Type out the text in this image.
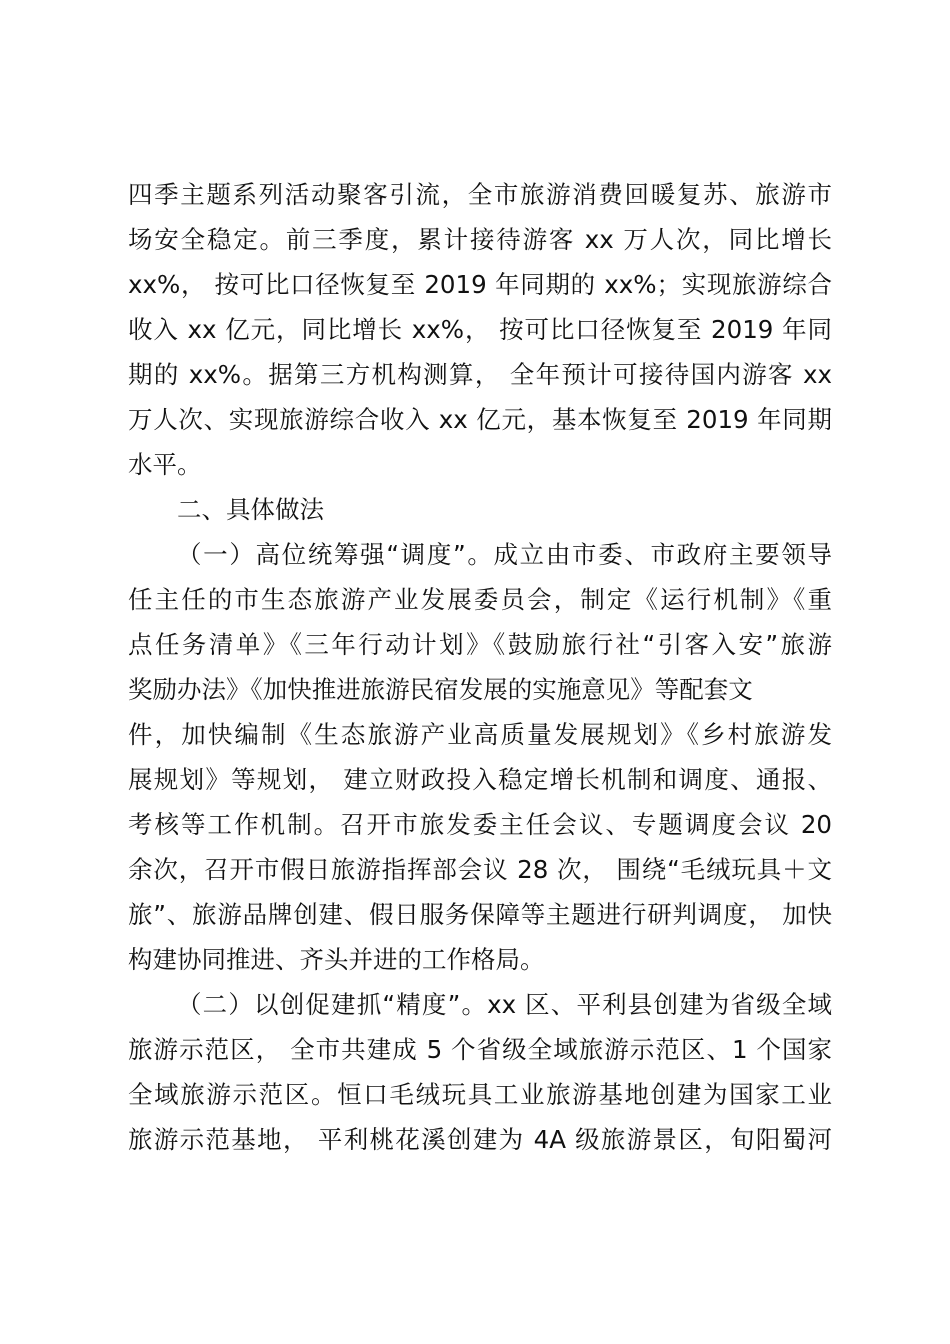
四季主题系列活动聚客引流，全市旅游消费回暖复苏、旅游市
场安全稳定。前三季度，累计接待游客 xx 万人次，同比增长
xx%， 按可比口径恢复至 2019 年同期的 xx%；实现旅游综合
收入 xx 亿元，同比增长 xx%， 按可比口径恢复至 2019 年同
期的 xx%。据第三方机构测算， 全年预计可接待国内游客 xx
万人次、实现旅游综合收入 xx 亿元，基本恢复至 2019 年同期
水平。
二、具体做法
（一）高位统筹强“调度”。成立由市委、市政府主要领导
任主任的市生态旅游产业发展委员会，制定《运行机制》《重
点任务清单》《三年行动计划》《鼓励旅行社“引客入安”旅游
奖励办法》《加快推进旅游民宿发展的实施意见》等配套文
件，加快编制《生态旅游产业高质量发展规划》《乡村旅游发
展规划》等规划， 建立财政投入稳定增长机制和调度、通报、
考核等工作机制。召开市旅发委主任会议、专题调度会议 20
余次，召开市假日旅游指挥部会议 28 次， 围绕“毛绒玩具＋文
旅”、旅游品牌创建、假日服务保障等主题进行研判调度， 加快
构建协同推进、齐头并进的工作格局。
（二）以创促建抓“精度”。xx 区、平利县创建为省级全域
旅游示范区， 全市共建成 5 个省级全域旅游示范区、1 个国家
全域旅游示范区。恒口毛绒玩具工业旅游基地创建为国家工业
旅游示范基地， 平利桃花溪创建为 4A 级旅游景区，旬阳蜀河
